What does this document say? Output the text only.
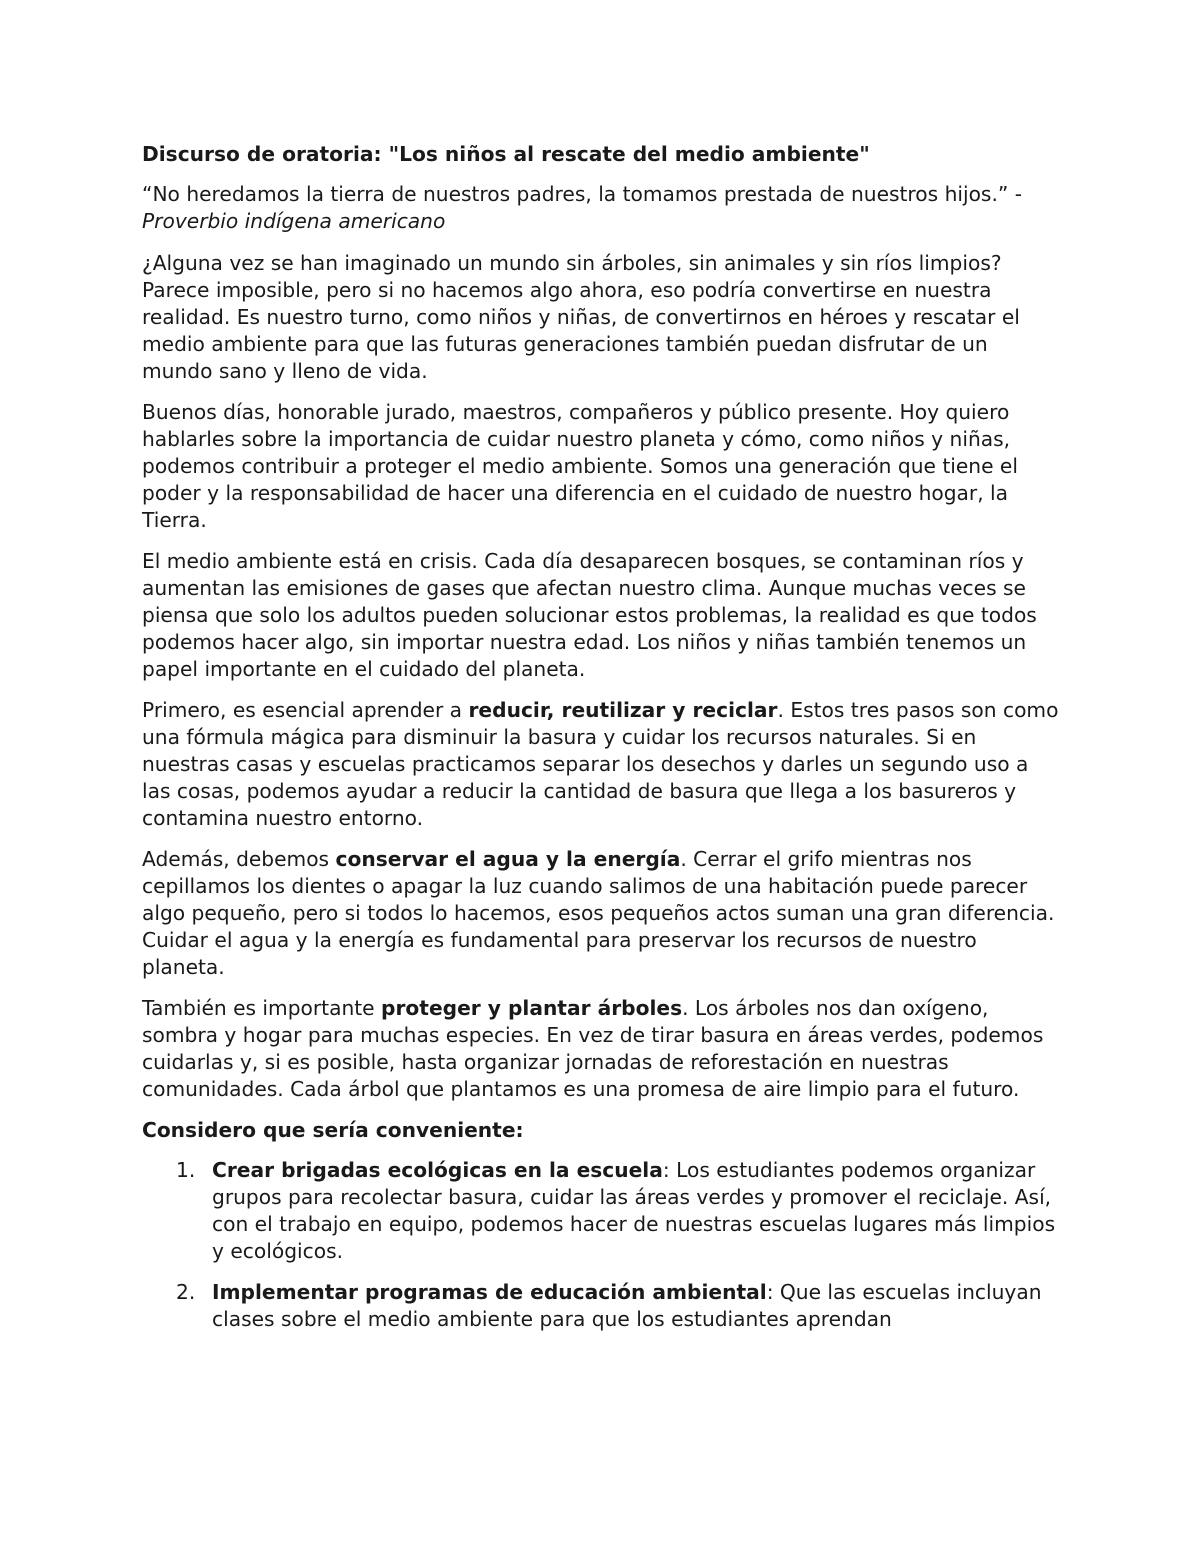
Discurso de oratoria: "Los niños al rescate del medio ambiente"

“No heredamos la tierra de nuestros padres, la tomamos prestada de nuestros hijos.” - Proverbio indígena americano

¿Alguna vez se han imaginado un mundo sin árboles, sin animales y sin ríos limpios? Parece imposible, pero si no hacemos algo ahora, eso podría convertirse en nuestra realidad. Es nuestro turno, como niños y niñas, de convertirnos en héroes y rescatar el medio ambiente para que las futuras generaciones también puedan disfrutar de un mundo sano y lleno de vida.

Buenos días, honorable jurado, maestros, compañeros y público presente. Hoy quiero hablarles sobre la importancia de cuidar nuestro planeta y cómo, como niños y niñas, podemos contribuir a proteger el medio ambiente. Somos una generación que tiene el poder y la responsabilidad de hacer una diferencia en el cuidado de nuestro hogar, la Tierra.

El medio ambiente está en crisis. Cada día desaparecen bosques, se contaminan ríos y aumentan las emisiones de gases que afectan nuestro clima. Aunque muchas veces se piensa que solo los adultos pueden solucionar estos problemas, la realidad es que todos podemos hacer algo, sin importar nuestra edad. Los niños y niñas también tenemos un papel importante en el cuidado del planeta.

Primero, es esencial aprender a reducir, reutilizar y reciclar. Estos tres pasos son como una fórmula mágica para disminuir la basura y cuidar los recursos naturales. Si en nuestras casas y escuelas practicamos separar los desechos y darles un segundo uso a las cosas, podemos ayudar a reducir la cantidad de basura que llega a los basureros y contamina nuestro entorno.

Además, debemos conservar el agua y la energía. Cerrar el grifo mientras nos cepillamos los dientes o apagar la luz cuando salimos de una habitación puede parecer algo pequeño, pero si todos lo hacemos, esos pequeños actos suman una gran diferencia. Cuidar el agua y la energía es fundamental para preservar los recursos de nuestro planeta.

También es importante proteger y plantar árboles. Los árboles nos dan oxígeno, sombra y hogar para muchas especies. En vez de tirar basura en áreas verdes, podemos cuidarlas y, si es posible, hasta organizar jornadas de reforestación en nuestras comunidades. Cada árbol que plantamos es una promesa de aire limpio para el futuro.

Considero que sería conveniente:
1. Crear brigadas ecológicas en la escuela: Los estudiantes podemos organizar grupos para recolectar basura, cuidar las áreas verdes y promover el reciclaje. Así, con el trabajo en equipo, podemos hacer de nuestras escuelas lugares más limpios y ecológicos.
2. Implementar programas de educación ambiental: Que las escuelas incluyan clases sobre el medio ambiente para que los estudiantes aprendan
